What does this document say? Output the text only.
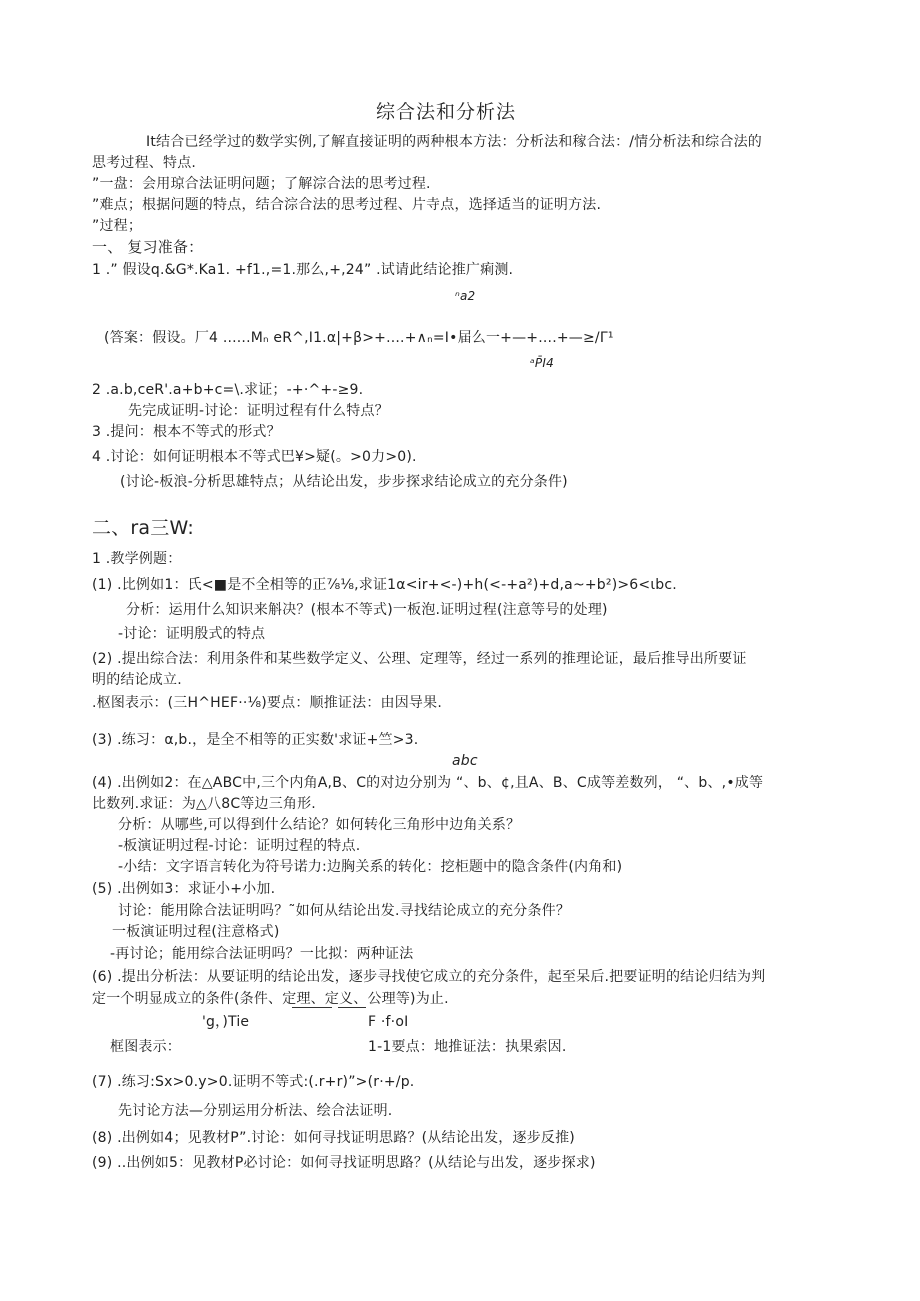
综合法和分析法
It结合已经学过的数学实例,了解直接证明的两种根本方法：分析法和稼合法：/情分析法和综合法的
思考过程、特点.
”一盘：会用琼合法证明问题；了解淙合法的思考过程.
”难点；根据问题的特点，结合淙合法的思考过程、片寺点，选择适当的证明方法.
”过程；
一、 复习准备：
1 .” 假设q.&G*.Ka1. +f1.,=1.那么,+,24” .试请此结论推广痢测.
ⁿa2
(答案：假设。厂4 ......Mₙ eR^,I1.α|+β>+....+∧ₙ=I•届么一+—+....+—≥/Γ¹
ᵃP̄I4
2 .a.b,ceR'.a+b+c=\.求证；-+·^+-≥9.
先完成证明-讨论：证明过程有什么特点？
3 .提问：根本不等式的形式？
4 .讨论：如何证明根本不等式巴¥>疑(。>0力>0).
(讨论-板浪-分析思雄特点；从结论出发，步步探求结论成立的充分条件)
二、ra三W:
1 .教学例题：
(1) .比例如1：氏<■是不全相等的正⅞⅛,求证1α<ir+<-)+h(<-+a²)+d,a~+b²)>6<ιbc.
分析：运用什么知识来斛决？(根本不等式)一板泡.证明过程(注意等号的处理)
-讨论：证明殷式的特点
(2) .提出综合法：利用条件和某些数学定义、公理、定理等，经过一系列的推理论证，最后推导出所要证
明的结论成立.
.枢图表示：(三H^HEF··⅛)要点：顺推证法：由因导果.
(3) .练习：α,b.，是全不相等的正实数'求证+竺>3.
abc
(4) .出例如2：在△ABC中,三个内角A,B、C的对边分别为 “、b、¢,且A、B、C成等差数列， “、b、,•成等
比数列.求证：为△八8C等边三角形.
分析：从哪些,可以得到什么结论？如何转化三角形中边角关系？
-板演证明过程-讨论：证明过程的特点.
-小结：文字语言转化为符号诺力:边胸关系的转化：挖柜题中的隐含条件(内角和)
(5) .出例如3：求证小+小加.
讨论：能用除合法证明吗？˜如何从结论出发.寻找结论成立的充分条件？
一板演证明过程(注意格式)
-再讨论；能用综合法证明吗？一比拟：两种证法
(6) .提出分析法：从要证明的结论出发，逐步寻找使它成立的充分条件，起至呆后.把要证明的结论归结为判
定一个明显成立的条件(条件、定理、定义、公理等)为止.
'g，)Tie	F ·f·oI
框图表示：	1-1要点：地推证法：执果索因.
(7) .练习:Sx>0.y>0.证明不等式:(.r+r)”>(r·+/p.
先讨论方法—分别运用分析法、绘合法证明.
(8) .出例如4；见教材P”.讨论：如何寻找证明思路？(从结论出发，逐步反推)
(9) ..出例如5：见教材P必讨论：如何寻找证明思路？(从结论与出发，逐步探求)
